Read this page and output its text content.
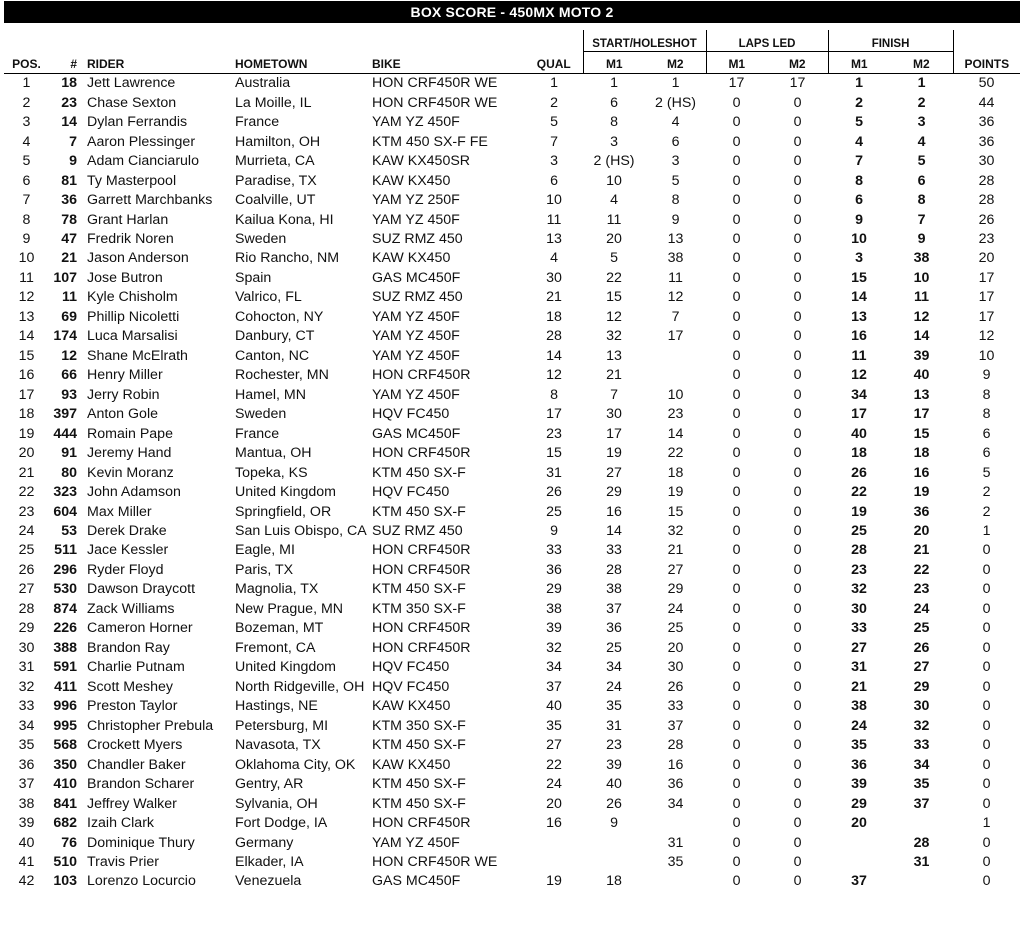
BOX SCORE - 450MX MOTO 2
						START/HOLESHOT		LAPS LED		FINISH		
POS.	#	RIDER	HOMETOWN	BIKE	QUAL	M1	M2	M1	M2	M1	M2	POINTS
1	18	Jett Lawrence	Australia	HON CRF450R WE	1	1	1	17	17	1	1	50
2	23	Chase Sexton	La Moille, IL	HON CRF450R WE	2	6	2 (HS)	0	0	2	2	44
3	14	Dylan Ferrandis	France	YAM YZ 450F	5	8	4	0	0	5	3	36
4	7	Aaron Plessinger	Hamilton, OH	KTM 450 SX-F FE	7	3	6	0	0	4	4	36
5	9	Adam Cianciarulo	Murrieta, CA	KAW KX450SR	3	2 (HS)	3	0	0	7	5	30
6	81	Ty Masterpool	Paradise, TX	KAW KX450	6	10	5	0	0	8	6	28
7	36	Garrett Marchbanks	Coalville, UT	YAM YZ 250F	10	4	8	0	0	6	8	28
8	78	Grant Harlan	Kailua Kona, HI	YAM YZ 450F	11	11	9	0	0	9	7	26
9	47	Fredrik Noren	Sweden	SUZ RMZ 450	13	20	13	0	0	10	9	23
10	21	Jason Anderson	Rio Rancho, NM	KAW KX450	4	5	38	0	0	3	38	20
11	107	Jose Butron	Spain	GAS MC450F	30	22	11	0	0	15	10	17
12	11	Kyle Chisholm	Valrico, FL	SUZ RMZ 450	21	15	12	0	0	14	11	17
13	69	Phillip Nicoletti	Cohocton, NY	YAM YZ 450F	18	12	7	0	0	13	12	17
14	174	Luca Marsalisi	Danbury, CT	YAM YZ 450F	28	32	17	0	0	16	14	12
15	12	Shane McElrath	Canton, NC	YAM YZ 450F	14	13		0	0	11	39	10
16	66	Henry Miller	Rochester, MN	HON CRF450R	12	21		0	0	12	40	9
17	93	Jerry Robin	Hamel, MN	YAM YZ 450F	8	7	10	0	0	34	13	8
18	397	Anton Gole	Sweden	HQV FC450	17	30	23	0	0	17	17	8
19	444	Romain Pape	France	GAS MC450F	23	17	14	0	0	40	15	6
20	91	Jeremy Hand	Mantua, OH	HON CRF450R	15	19	22	0	0	18	18	6
21	80	Kevin Moranz	Topeka, KS	KTM 450 SX-F	31	27	18	0	0	26	16	5
22	323	John Adamson	United Kingdom	HQV FC450	26	29	19	0	0	22	19	2
23	604	Max Miller	Springfield, OR	KTM 450 SX-F	25	16	15	0	0	19	36	2
24	53	Derek Drake	San Luis Obispo, CA	SUZ RMZ 450	9	14	32	0	0	25	20	1
25	511	Jace Kessler	Eagle, MI	HON CRF450R	33	33	21	0	0	28	21	0
26	296	Ryder Floyd	Paris, TX	HON CRF450R	36	28	27	0	0	23	22	0
27	530	Dawson Draycott	Magnolia, TX	KTM 450 SX-F	29	38	29	0	0	32	23	0
28	874	Zack Williams	New Prague, MN	KTM 350 SX-F	38	37	24	0	0	30	24	0
29	226	Cameron Horner	Bozeman, MT	HON CRF450R	39	36	25	0	0	33	25	0
30	388	Brandon Ray	Fremont, CA	HON CRF450R	32	25	20	0	0	27	26	0
31	591	Charlie Putnam	United Kingdom	HQV FC450	34	34	30	0	0	31	27	0
32	411	Scott Meshey	North Ridgeville, OH	HQV FC450	37	24	26	0	0	21	29	0
33	996	Preston Taylor	Hastings, NE	KAW KX450	40	35	33	0	0	38	30	0
34	995	Christopher Prebula	Petersburg, MI	KTM 350 SX-F	35	31	37	0	0	24	32	0
35	568	Crockett Myers	Navasota, TX	KTM 450 SX-F	27	23	28	0	0	35	33	0
36	350	Chandler Baker	Oklahoma City, OK	KAW KX450	22	39	16	0	0	36	34	0
37	410	Brandon Scharer	Gentry, AR	KTM 450 SX-F	24	40	36	0	0	39	35	0
38	841	Jeffrey Walker	Sylvania, OH	KTM 450 SX-F	20	26	34	0	0	29	37	0
39	682	Izaih Clark	Fort Dodge, IA	HON CRF450R	16	9		0	0	20		1
40	76	Dominique Thury	Germany	YAM YZ 450F			31	0	0		28	0
41	510	Travis Prier	Elkader, IA	HON CRF450R WE			35	0	0		31	0
42	103	Lorenzo Locurcio	Venezuela	GAS MC450F	19	18		0	0	37		0
